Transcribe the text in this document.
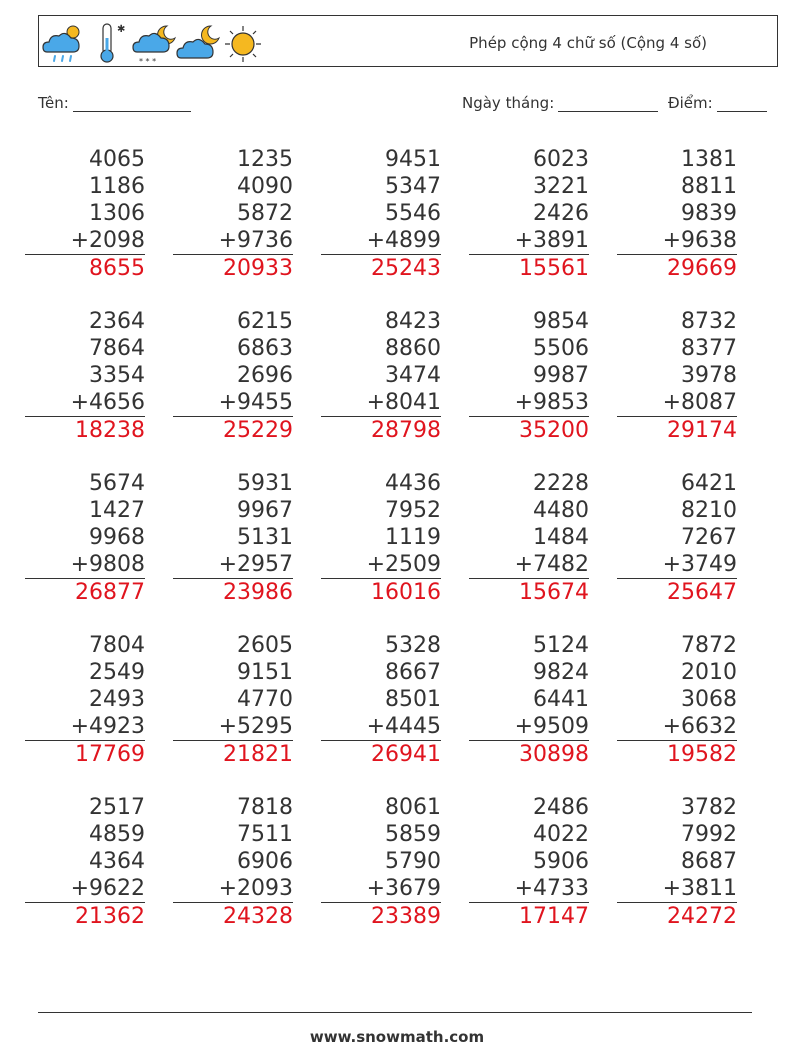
✱
* * *
Phép cộng 4 chữ số (Cộng 4 số)
Tên:	Ngày tháng:	Điểm:
4065
1186
1306
+2098
8655
1235
4090
5872
+9736
20933
9451
5347
5546
+4899
25243
6023
3221
2426
+3891
15561
1381
8811
9839
+9638
29669
2364
7864
3354
+4656
18238
6215
6863
2696
+9455
25229
8423
8860
3474
+8041
28798
9854
5506
9987
+9853
35200
8732
8377
3978
+8087
29174
5674
1427
9968
+9808
26877
5931
9967
5131
+2957
23986
4436
7952
1119
+2509
16016
2228
4480
1484
+7482
15674
6421
8210
7267
+3749
25647
7804
2549
2493
+4923
17769
2605
9151
4770
+5295
21821
5328
8667
8501
+4445
26941
5124
9824
6441
+9509
30898
7872
2010
3068
+6632
19582
2517
4859
4364
+9622
21362
7818
7511
6906
+2093
24328
8061
5859
5790
+3679
23389
2486
4022
5906
+4733
17147
3782
7992
8687
+3811
24272
www.snowmath.com
